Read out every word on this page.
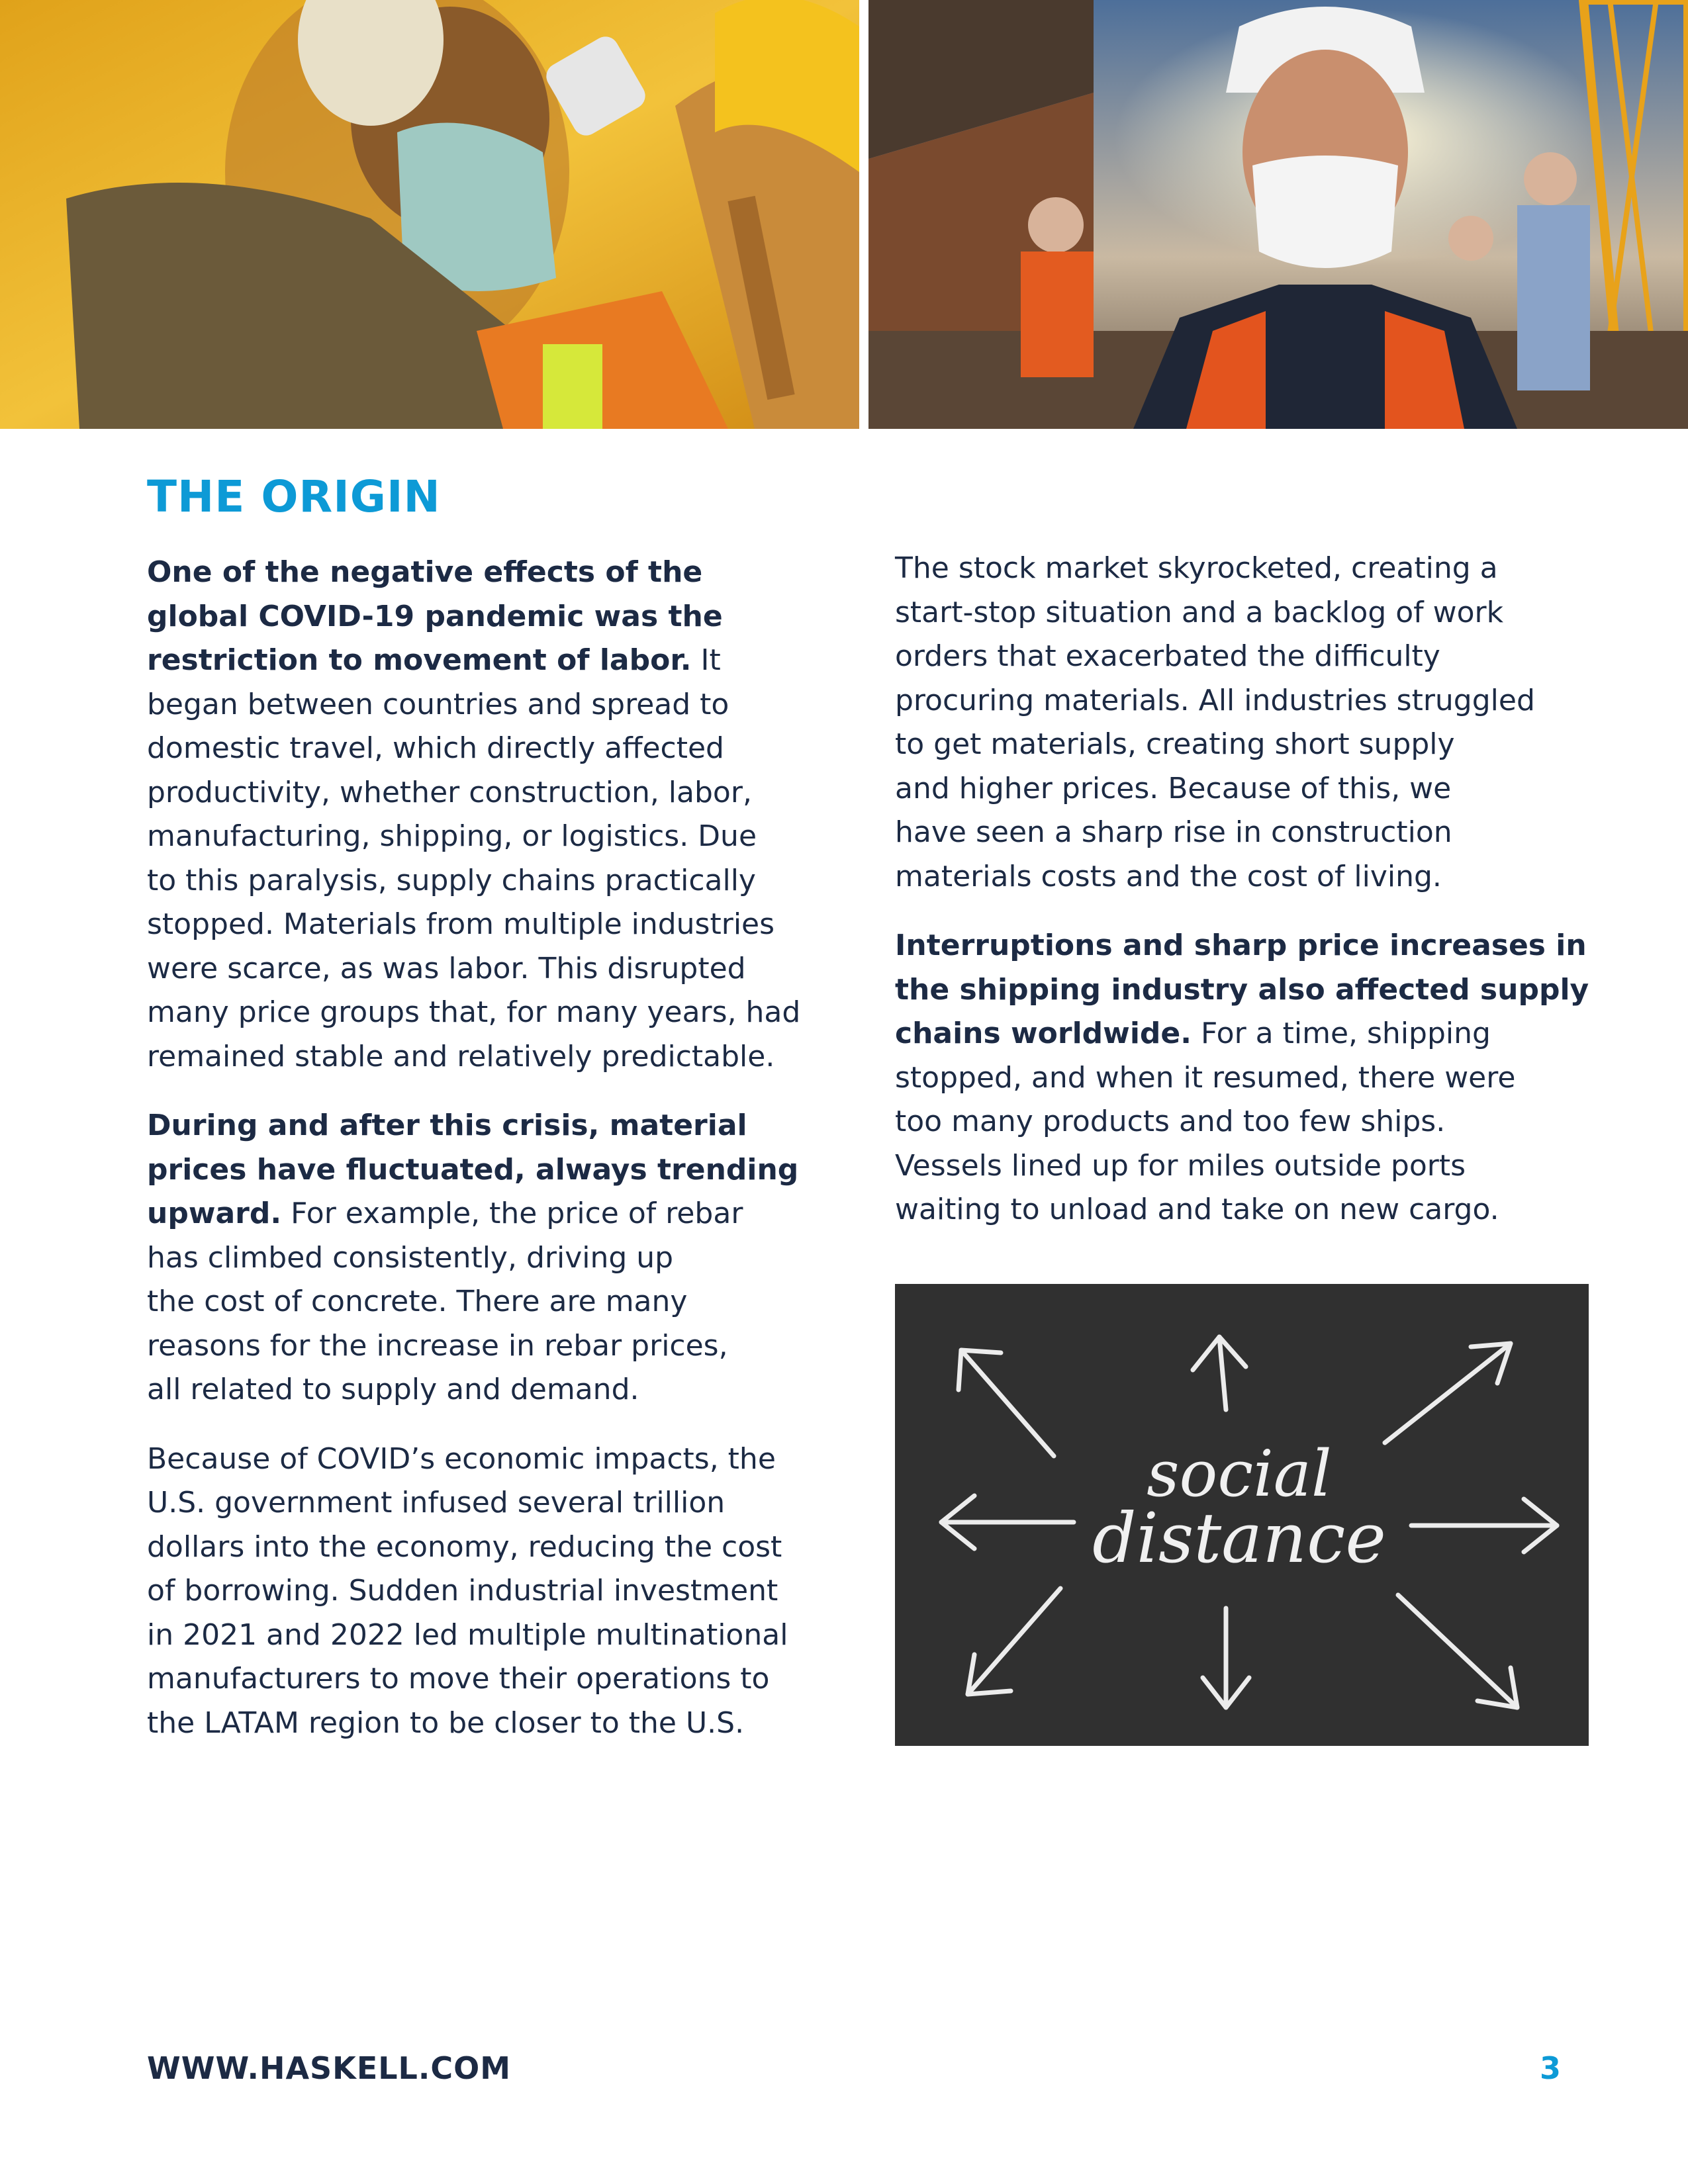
THE ORIGIN

One of the negative effects of the
global COVID-19 pandemic was the
restriction to movement of labor. It
began between countries and spread to
domestic travel, which directly affected
productivity, whether construction, labor,
manufacturing, shipping, or logistics. Due
to this paralysis, supply chains practically
stopped. Materials from multiple industries
were scarce, as was labor. This disrupted
many price groups that, for many years, had
remained stable and relatively predictable.

During and after this crisis, material
prices have fluctuated, always trending
upward. For example, the price of rebar
has climbed consistently, driving up
the cost of concrete. There are many
reasons for the increase in rebar prices,
all related to supply and demand.

Because of COVID’s economic impacts, the
U.S. government infused several trillion
dollars into the economy, reducing the cost
of borrowing. Sudden industrial investment
in 2021 and 2022 led multiple multinational
manufacturers to move their operations to
the LATAM region to be closer to the U.S.

The stock market skyrocketed, creating a
start-stop situation and a backlog of work
orders that exacerbated the difficulty
procuring materials. All industries struggled
to get materials, creating short supply
and higher prices. Because of this, we
have seen a sharp rise in construction
materials costs and the cost of living.

Interruptions and sharp price increases in
the shipping industry also affected supply
chains worldwide. For a time, shipping
stopped, and when it resumed, there were
too many products and too few ships.
Vessels lined up for miles outside ports
waiting to unload and take on new cargo.

social
distance
WWW.HASKELL.COM	3
